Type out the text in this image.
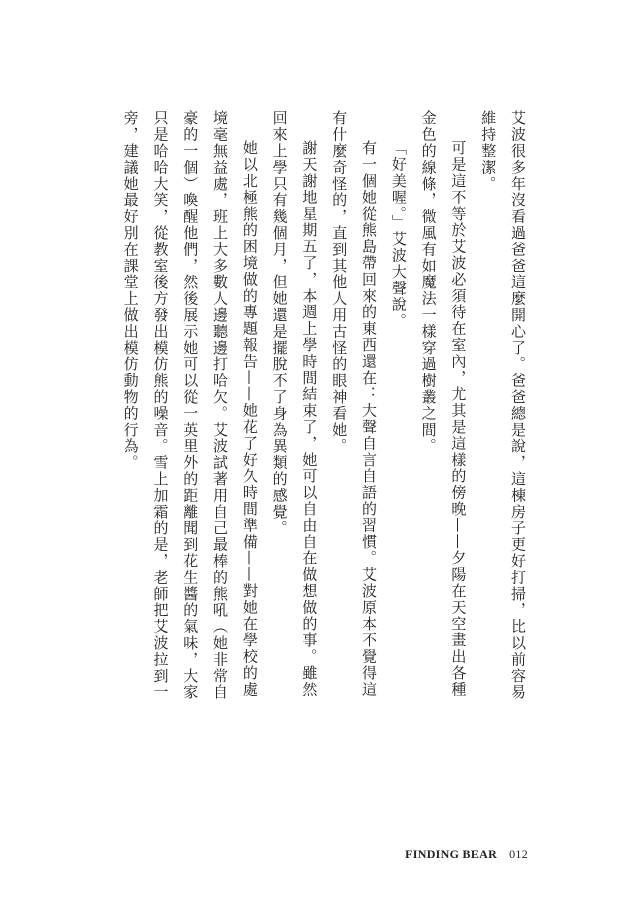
艾波很多年沒看過爸爸這麼開心了。爸爸總是說，這棟房子更好打掃，比以前容易維持整潔。

可是這不等於艾波必須待在室內，尤其是這樣的傍晚——夕陽在天空畫出各種金色的線條，微風有如魔法一樣穿過樹叢之間。

「好美喔。」艾波大聲說。

有一個她從熊島帶回來的東西還在：大聲自言自語的習慣。艾波原本不覺得這有什麼奇怪的，直到其他人用古怪的眼神看她。

謝天謝地星期五了，本週上學時間結束了，她可以自由自在做想做的事。雖然回來上學只有幾個月，但她還是擺脫不了身為異類的感覺。

她以北極熊的困境做的專題報告——她花了好久時間準備——對她在學校的處境毫無益處，班上大多數人邊聽邊打哈欠。艾波試著用自己最棒的熊吼（她非常自豪的一個）喚醒他們，然後展示她可以從一英里外的距離聞到花生醬的氣味，大家只是哈哈大笑，從教室後方發出模仿熊的噪音。雪上加霜的是，老師把艾波拉到一旁，建議她最好別在課堂上做出模仿動物的行為。

FINDING BEAR 012
